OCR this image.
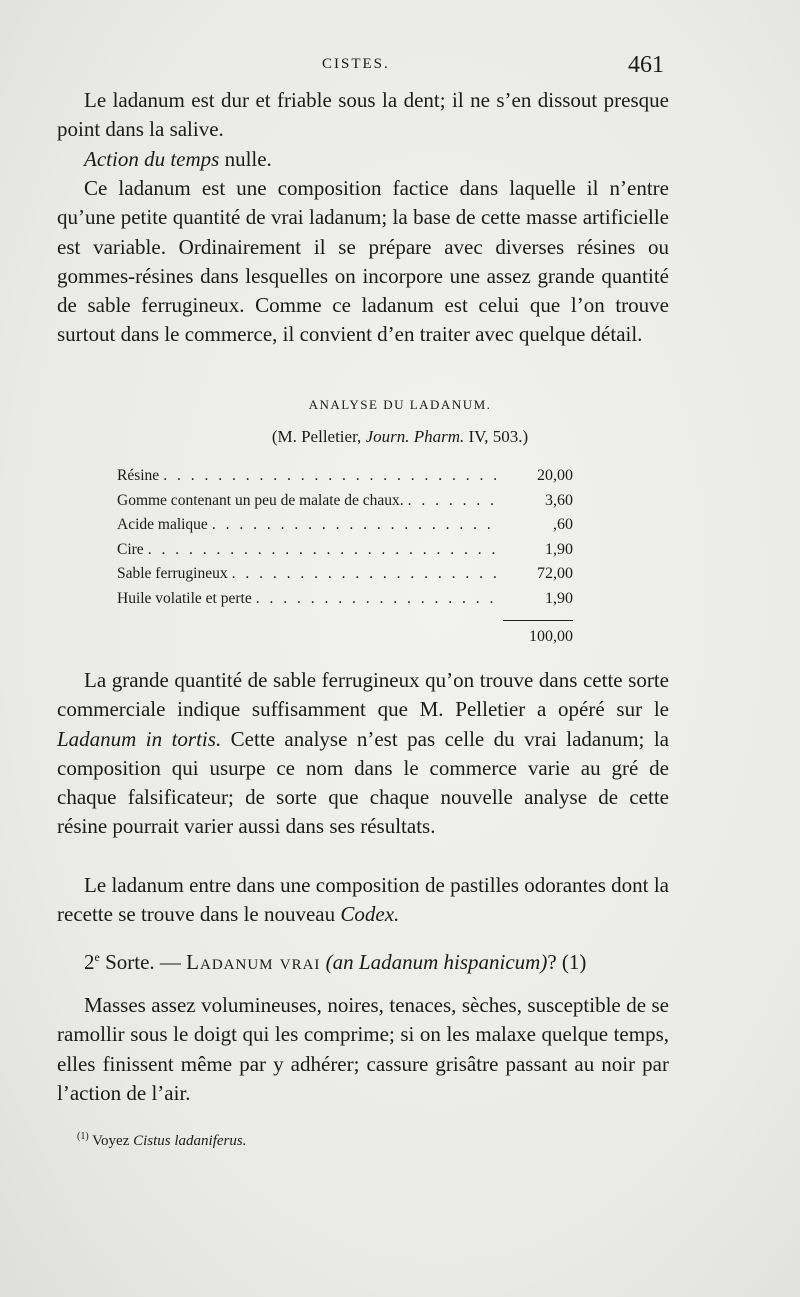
CISTES.	461

Le ladanum est dur et friable sous la dent; il ne s’en dissout presque point dans la salive.

Action du temps nulle.

Ce ladanum est une composition factice dans laquelle il n’entre qu’une petite quantité de vrai ladanum; la base de cette masse artificielle est variable. Ordinairement il se prépare avec diverses résines ou gommes-résines dans lesquelles on incorpore une assez grande quantité de sable ferrugineux. Comme ce ladanum est celui que l’on trouve surtout dans le commerce, il convient d’en traiter avec quelque détail.

ANALYSE DU LADANUM.
(M. Pelletier, Journ. Pharm. IV, 503.)
Résine . . .	20,00
Gomme contenant un peu de malate de chaux. . . .	3,60
Acide malique . . .	,60
Cire . . .	1,90
Sable ferrugineux . . .	72,00
Huile volatile et perte . . .	1,90
100,00

La grande quantité de sable ferrugineux qu’on trouve dans cette sorte commerciale indique suffisamment que M. Pelletier a opéré sur le Ladanum in tortis. Cette analyse n’est pas celle du vrai ladanum; la composition qui usurpe ce nom dans le commerce varie au gré de chaque falsificateur; de sorte que chaque nouvelle analyse de cette résine pourrait varier aussi dans ses résultats.

Le ladanum entre dans une composition de pastilles odorantes dont la recette se trouve dans le nouveau Codex.

2e Sorte. — Ladanum vrai (an Ladanum hispanicum)? (1)

Masses assez volumineuses, noires, tenaces, sèches, susceptible de se ramollir sous le doigt qui les comprime; si on les malaxe quelque temps, elles finissent même par y adhérer; cassure grisâtre passant au noir par l’action de l’air.

$^{(1)}$ Voyez Cistus ladaniferus.
